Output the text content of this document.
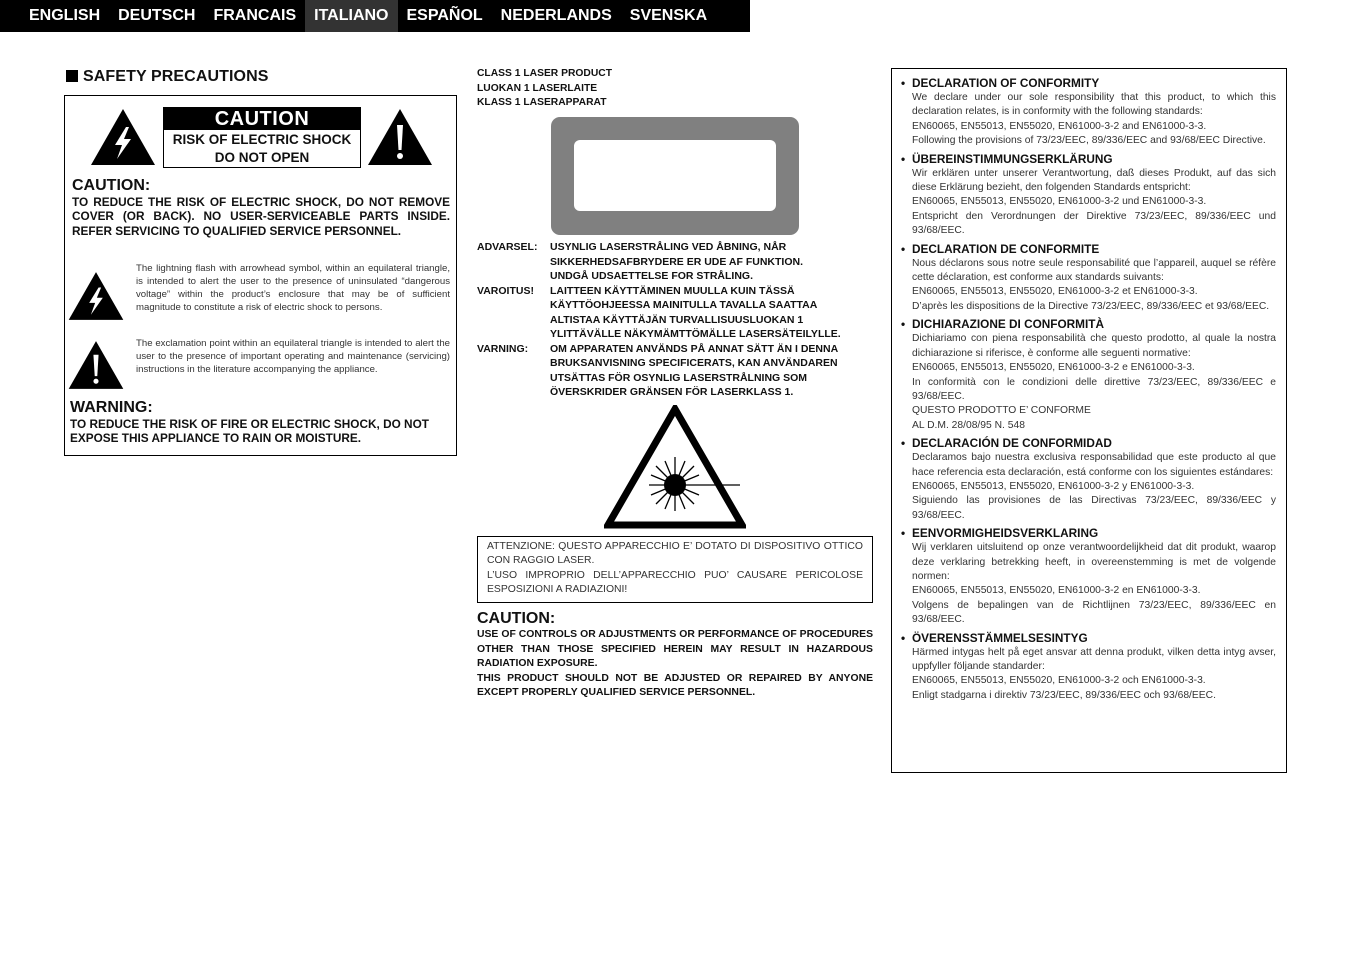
ENGLISH	DEUTSCH	FRANCAIS	ITALIANO	ESPAÑOL	NEDERLANDS	SVENSKA
SAFETY PRECAUTIONS
CAUTION
RISK OF ELECTRIC SHOCK
DO NOT OPEN
CAUTION:
TO REDUCE THE RISK OF ELECTRIC SHOCK, DO NOT REMOVE COVER (OR BACK). NO USER-SERVICEABLE PARTS INSIDE. REFER SERVICING TO QUALIFIED SERVICE PERSONNEL.
The lightning flash with arrowhead symbol, within an equilateral triangle, is intended to alert the user to the presence of uninsulated “dangerous voltage” within the product’s enclosure that may be of sufficient magnitude to constitute a risk of electric shock to persons.
The exclamation point within an equilateral triangle is intended to alert the user to the presence of important operating and maintenance (servicing) instructions in the literature accompanying the appliance.
WARNING:
TO REDUCE THE RISK OF FIRE OR ELECTRIC SHOCK, DO NOT EXPOSE THIS APPLIANCE TO RAIN OR MOISTURE.
CLASS 1 LASER PRODUCT
LUOKAN 1 LASERLAITE
KLASS 1 LASERAPPARAT
ADVARSEL:	USYNLIG LASERSTRÅLING VED ÅBNING, NÅR
SIKKERHEDSAFBRYDERE ER UDE AF FUNKTION.
UNDGÅ UDSAETTELSE FOR STRÅLING.
VAROITUS!	LAITTEEN KÄYTTÄMINEN MUULLA KUIN TÄSSÄ
KÄYTTÖOHJEESSA MAINITULLA TAVALLA SAATTAA
ALTISTAA KÄYTTÄJÄN TURVALLISUUSLUOKAN 1
YLITTÄVÄLLE NÄKYMÄMTTÖMÄLLE LASERSÄTEILYLLE.
VARNING:	OM APPARATEN ANVÄNDS PÅ ANNAT SÄTT ÄN I DENNA
BRUKSANVISNING SPECIFICERATS, KAN ANVÄNDAREN
UTSÄTTAS FÖR OSYNLIG LASERSTRÅLNING SOM
ÖVERSKRIDER GRÄNSEN FÖR LASERKLASS 1.
ATTENZIONE: QUESTO APPARECCHIO E’ DOTATO DI DISPOSITIVO OTTICO CON RAGGIO LASER.
L’USO IMPROPRIO DELL’APPARECCHIO PUO’ CAUSARE PERICOLOSE ESPOSIZIONI A RADIAZIONI!
CAUTION:
USE OF CONTROLS OR ADJUSTMENTS OR PERFORMANCE OF PROCEDURES OTHER THAN THOSE SPECIFIED HEREIN MAY RESULT IN HAZARDOUS RADIATION EXPOSURE.
THIS PRODUCT SHOULD NOT BE ADJUSTED OR REPAIRED BY ANYONE EXCEPT PROPERLY QUALIFIED SERVICE PERSONNEL.
• DECLARATION OF CONFORMITY
We declare under our sole responsibility that this product, to which this declaration relates, is in conformity with the following standards:
EN60065, EN55013, EN55020, EN61000-3-2 and EN61000-3-3.
Following the provisions of 73/23/EEC, 89/336/EEC and 93/68/EEC Directive.
• ÜBEREINSTIMMUNGSERKLÄRUNG
Wir erklären unter unserer Verantwortung, daß dieses Produkt, auf das sich diese Erklärung bezieht, den folgenden Standards entspricht:
EN60065, EN55013, EN55020, EN61000-3-2 und EN61000-3-3.
Entspricht den Verordnungen der Direktive 73/23/EEC, 89/336/EEC und 93/68/EEC.
• DECLARATION DE CONFORMITE
Nous déclarons sous notre seule responsabilité que l’appareil, auquel se réfère cette déclaration, est conforme aux standards suivants:
EN60065, EN55013, EN55020, EN61000-3-2 et EN61000-3-3.
D’après les dispositions de la Directive 73/23/EEC, 89/336/EEC et 93/68/EEC.
• DICHIARAZIONE DI CONFORMITÀ
Dichiariamo con piena responsabilità che questo prodotto, al quale la nostra dichiarazione si riferisce, è conforme alle seguenti normative:
EN60065, EN55013, EN55020, EN61000-3-2 e EN61000-3-3.
In conformità con le condizioni delle direttive 73/23/EEC, 89/336/EEC e 93/68/EEC.
QUESTO PRODOTTO E’ CONFORME
AL D.M. 28/08/95 N. 548
• DECLARACIÓN DE CONFORMIDAD
Declaramos bajo nuestra exclusiva responsabilidad que este producto al que hace referencia esta declaración, está conforme con los siguientes estándares:
EN60065, EN55013, EN55020, EN61000-3-2 y EN61000-3-3.
Siguiendo las provisiones de las Directivas 73/23/EEC, 89/336/EEC y 93/68/EEC.
• EENVORMIGHEIDSVERKLARING
Wij verklaren uitsluitend op onze verantwoordelijkheid dat dit produkt, waarop deze verklaring betrekking heeft, in overeenstemming is met de volgende normen:
EN60065, EN55013, EN55020, EN61000-3-2 en EN61000-3-3.
Volgens de bepalingen van de Richtlijnen 73/23/EEC, 89/336/EEC en 93/68/EEC.
• ÖVERENSSTÄMMELSESINTYG
Härmed intygas helt på eget ansvar att denna produkt, vilken detta intyg avser, uppfyller följande standarder:
EN60065, EN55013, EN55020, EN61000-3-2 och EN61000-3-3.
Enligt stadgarna i direktiv 73/23/EEC, 89/336/EEC och 93/68/EEC.
